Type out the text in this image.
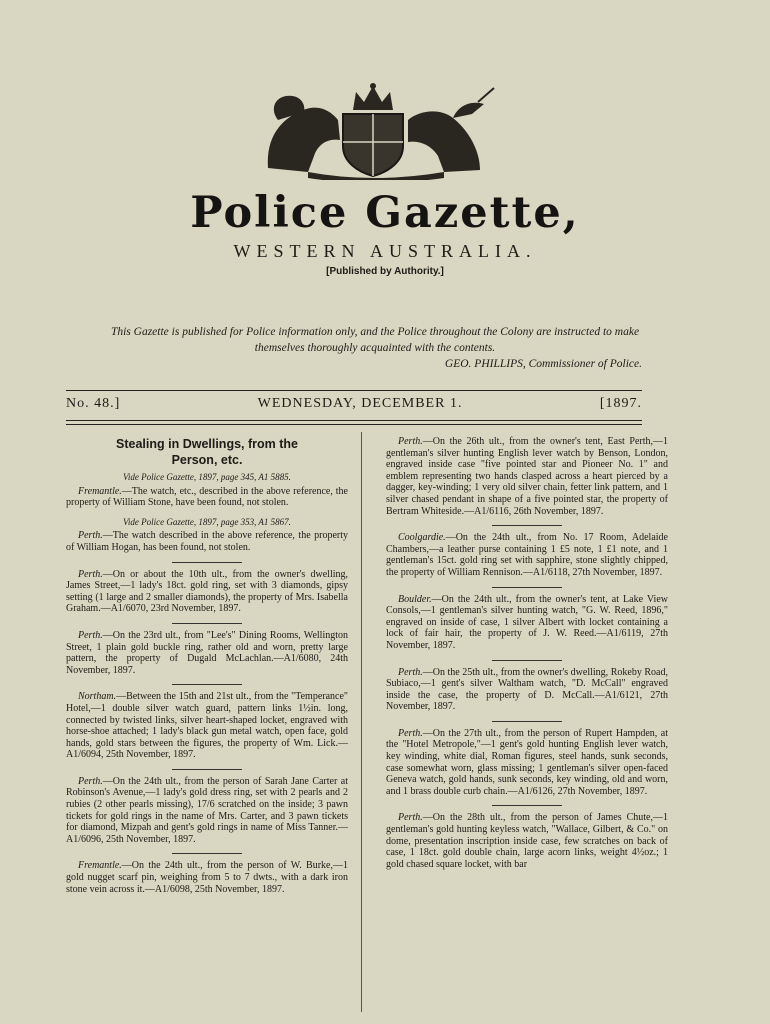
Police Gazette,
WESTERN AUSTRALIA.
[Published by Authority.]
This Gazette is published for Police information only, and the Police throughout the Colony are instructed to make themselves thoroughly acquainted with the contents.
GEO. PHILLIPS, Commissioner of Police.
No. 48.]	WEDNESDAY, DECEMBER 1.	[1897.
Stealing in Dwellings, from the
Person, etc.
Vide Police Gazette, 1897, page 345, A1 5885.

Fremantle.—The watch, etc., described in the above reference, the property of William Stone, have been found, not stolen.

Vide Police Gazette, 1897, page 353, A1 5867.

Perth.—The watch described in the above reference, the property of William Hogan, has been found, not stolen.

Perth.—On or about the 10th ult., from the owner's dwelling, James Street,—1 lady's 18ct. gold ring, set with 3 diamonds, gipsy setting (1 large and 2 smaller diamonds), the property of Mrs. Isabella Graham.—A1/6070, 23rd November, 1897.

Perth.—On the 23rd ult., from "Lee's" Dining Rooms, Wellington Street, 1 plain gold buckle ring, rather old and worn, pretty large pattern, the property of Dugald McLachlan.—A1/6080, 24th November, 1897.

Northam.—Between the 15th and 21st ult., from the "Temperance" Hotel,—1 double silver watch guard, pattern links 1½in. long, connected by twisted links, silver heart-shaped locket, engraved with horse-shoe attached; 1 lady's black gun metal watch, open face, gold hands, gold stars between the figures, the property of Wm. Lick.—A1/6094, 25th November, 1897.

Perth.—On the 24th ult., from the person of Sarah Jane Carter at Robinson's Avenue,—1 lady's gold dress ring, set with 2 pearls and 2 rubies (2 other pearls missing), 17/6 scratched on the inside; 3 pawn tickets for gold rings in the name of Mrs. Carter, and 3 pawn tickets for diamond, Mizpah and gent's gold rings in name of Miss Tanner.—A1/6096, 25th November, 1897.

Fremantle.—On the 24th ult., from the person of W. Burke,—1 gold nugget scarf pin, weighing from 5 to 7 dwts., with a dark iron stone vein across it.—A1/6098, 25th November, 1897.

Perth.—On the 26th ult., from the owner's tent, East Perth,—1 gentleman's silver hunting English lever watch by Benson, London, engraved inside case "five pointed star and Pioneer No. 1" and emblem representing two hands clasped across a heart pierced by a dagger, key-winding; 1 very old silver chain, fetter link pattern, and 1 silver chased pendant in shape of a five pointed star, the property of Bertram Whiteside.—A1/6116, 26th November, 1897.

Coolgardie.—On the 24th ult., from No. 17 Room, Adelaide Chambers,—a leather purse containing 1 £5 note, 1 £1 note, and 1 gentleman's 15ct. gold ring set with sapphire, stone slightly chipped, the property of William Rennison.—A1/6118, 27th November, 1897.

Boulder.—On the 24th ult., from the owner's tent, at Lake View Consols,—1 gentleman's silver hunting watch, "G. W. Reed, 1896," engraved on inside of case, 1 silver Albert with locket containing a lock of fair hair, the property of J. W. Reed.—A1/6119, 27th November, 1897.

Perth.—On the 25th ult., from the owner's dwelling, Rokeby Road, Subiaco,—1 gent's silver Waltham watch, "D. McCall" engraved inside the case, the property of D. McCall.—A1/6121, 27th November, 1897.

Perth.—On the 27th ult., from the person of Rupert Hampden, at the "Hotel Metropole,"—1 gent's gold hunting English lever watch, key winding, white dial, Roman figures, steel hands, sunk seconds, case somewhat worn, glass missing; 1 gentleman's silver open-faced Geneva watch, gold hands, sunk seconds, key winding, old and worn, and 1 brass double curb chain.—A1/6126, 27th November, 1897.

Perth.—On the 28th ult., from the person of James Chute,—1 gentleman's gold hunting keyless watch, "Wallace, Gilbert, & Co." on dome, presentation inscription inside case, few scratches on back of case, 1 18ct. gold double chain, large acorn links, weight 4½oz.; 1 gold chased square locket, with bar
